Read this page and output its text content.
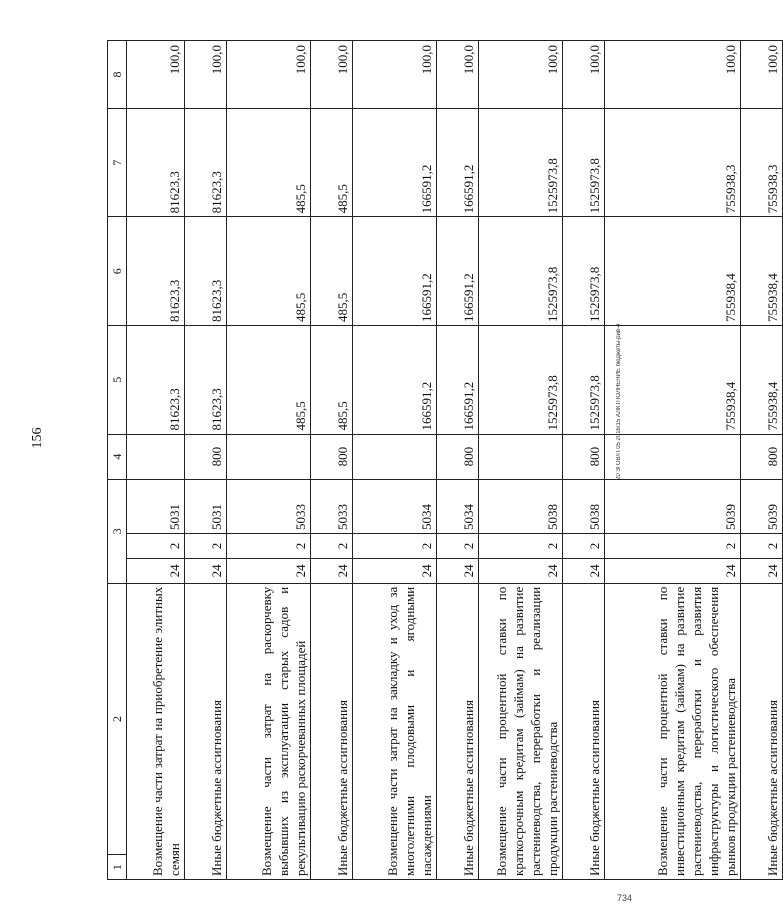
156	20 ЗГОВ/П 05 2016/15 АЛКТПОЛНЕНИЕ бюджеты-рив-4
734
1	2	3			4	5	6	7	8
Возмещение части затрат на приобретение элитных семян		24	2	5031		81623,3	81623,3	81623,3	100,0
Иные бюджетные ассигнования		24	2	5031	800	81623,3	81623,3	81623,3	100,0
Возмещение части затрат на раскорчевку выбывших из эксплуатации старых садов и рекультивацию раскорчеванных площадей		24	2	5033		485,5	485,5	485,5	100,0
Иные бюджетные ассигнования		24	2	5033	800	485,5	485,5	485,5	100,0
Возмещение части затрат на закладку и уход за многолетними плодовыми и ягодными насаждениями		24	2	5034		166591,2	166591,2	166591,2	100,0
Иные бюджетные ассигнования		24	2	5034	800	166591,2	166591,2	166591,2	100,0
Возмещение части процентной ставки по краткосрочным кредитам (займам) на развитие растениеводства, переработки и реализации продукции растениеводства		24	2	5038		1525973,8	1525973,8	1525973,8	100,0
Иные бюджетные ассигнования		24	2	5038	800	1525973,8	1525973,8	1525973,8	100,0
Возмещение части процентной ставки по инвестиционным кредитам (займам) на развитие растениеводства, переработки и развития инфраструктуры и логистического обеспечения рынков продукции растениеводства		24	2	5039		755938,4	755938,4	755938,3	100,0
Иные бюджетные ассигнования		24	2	5039	800	755938,4	755938,4	755938,3	100,0
